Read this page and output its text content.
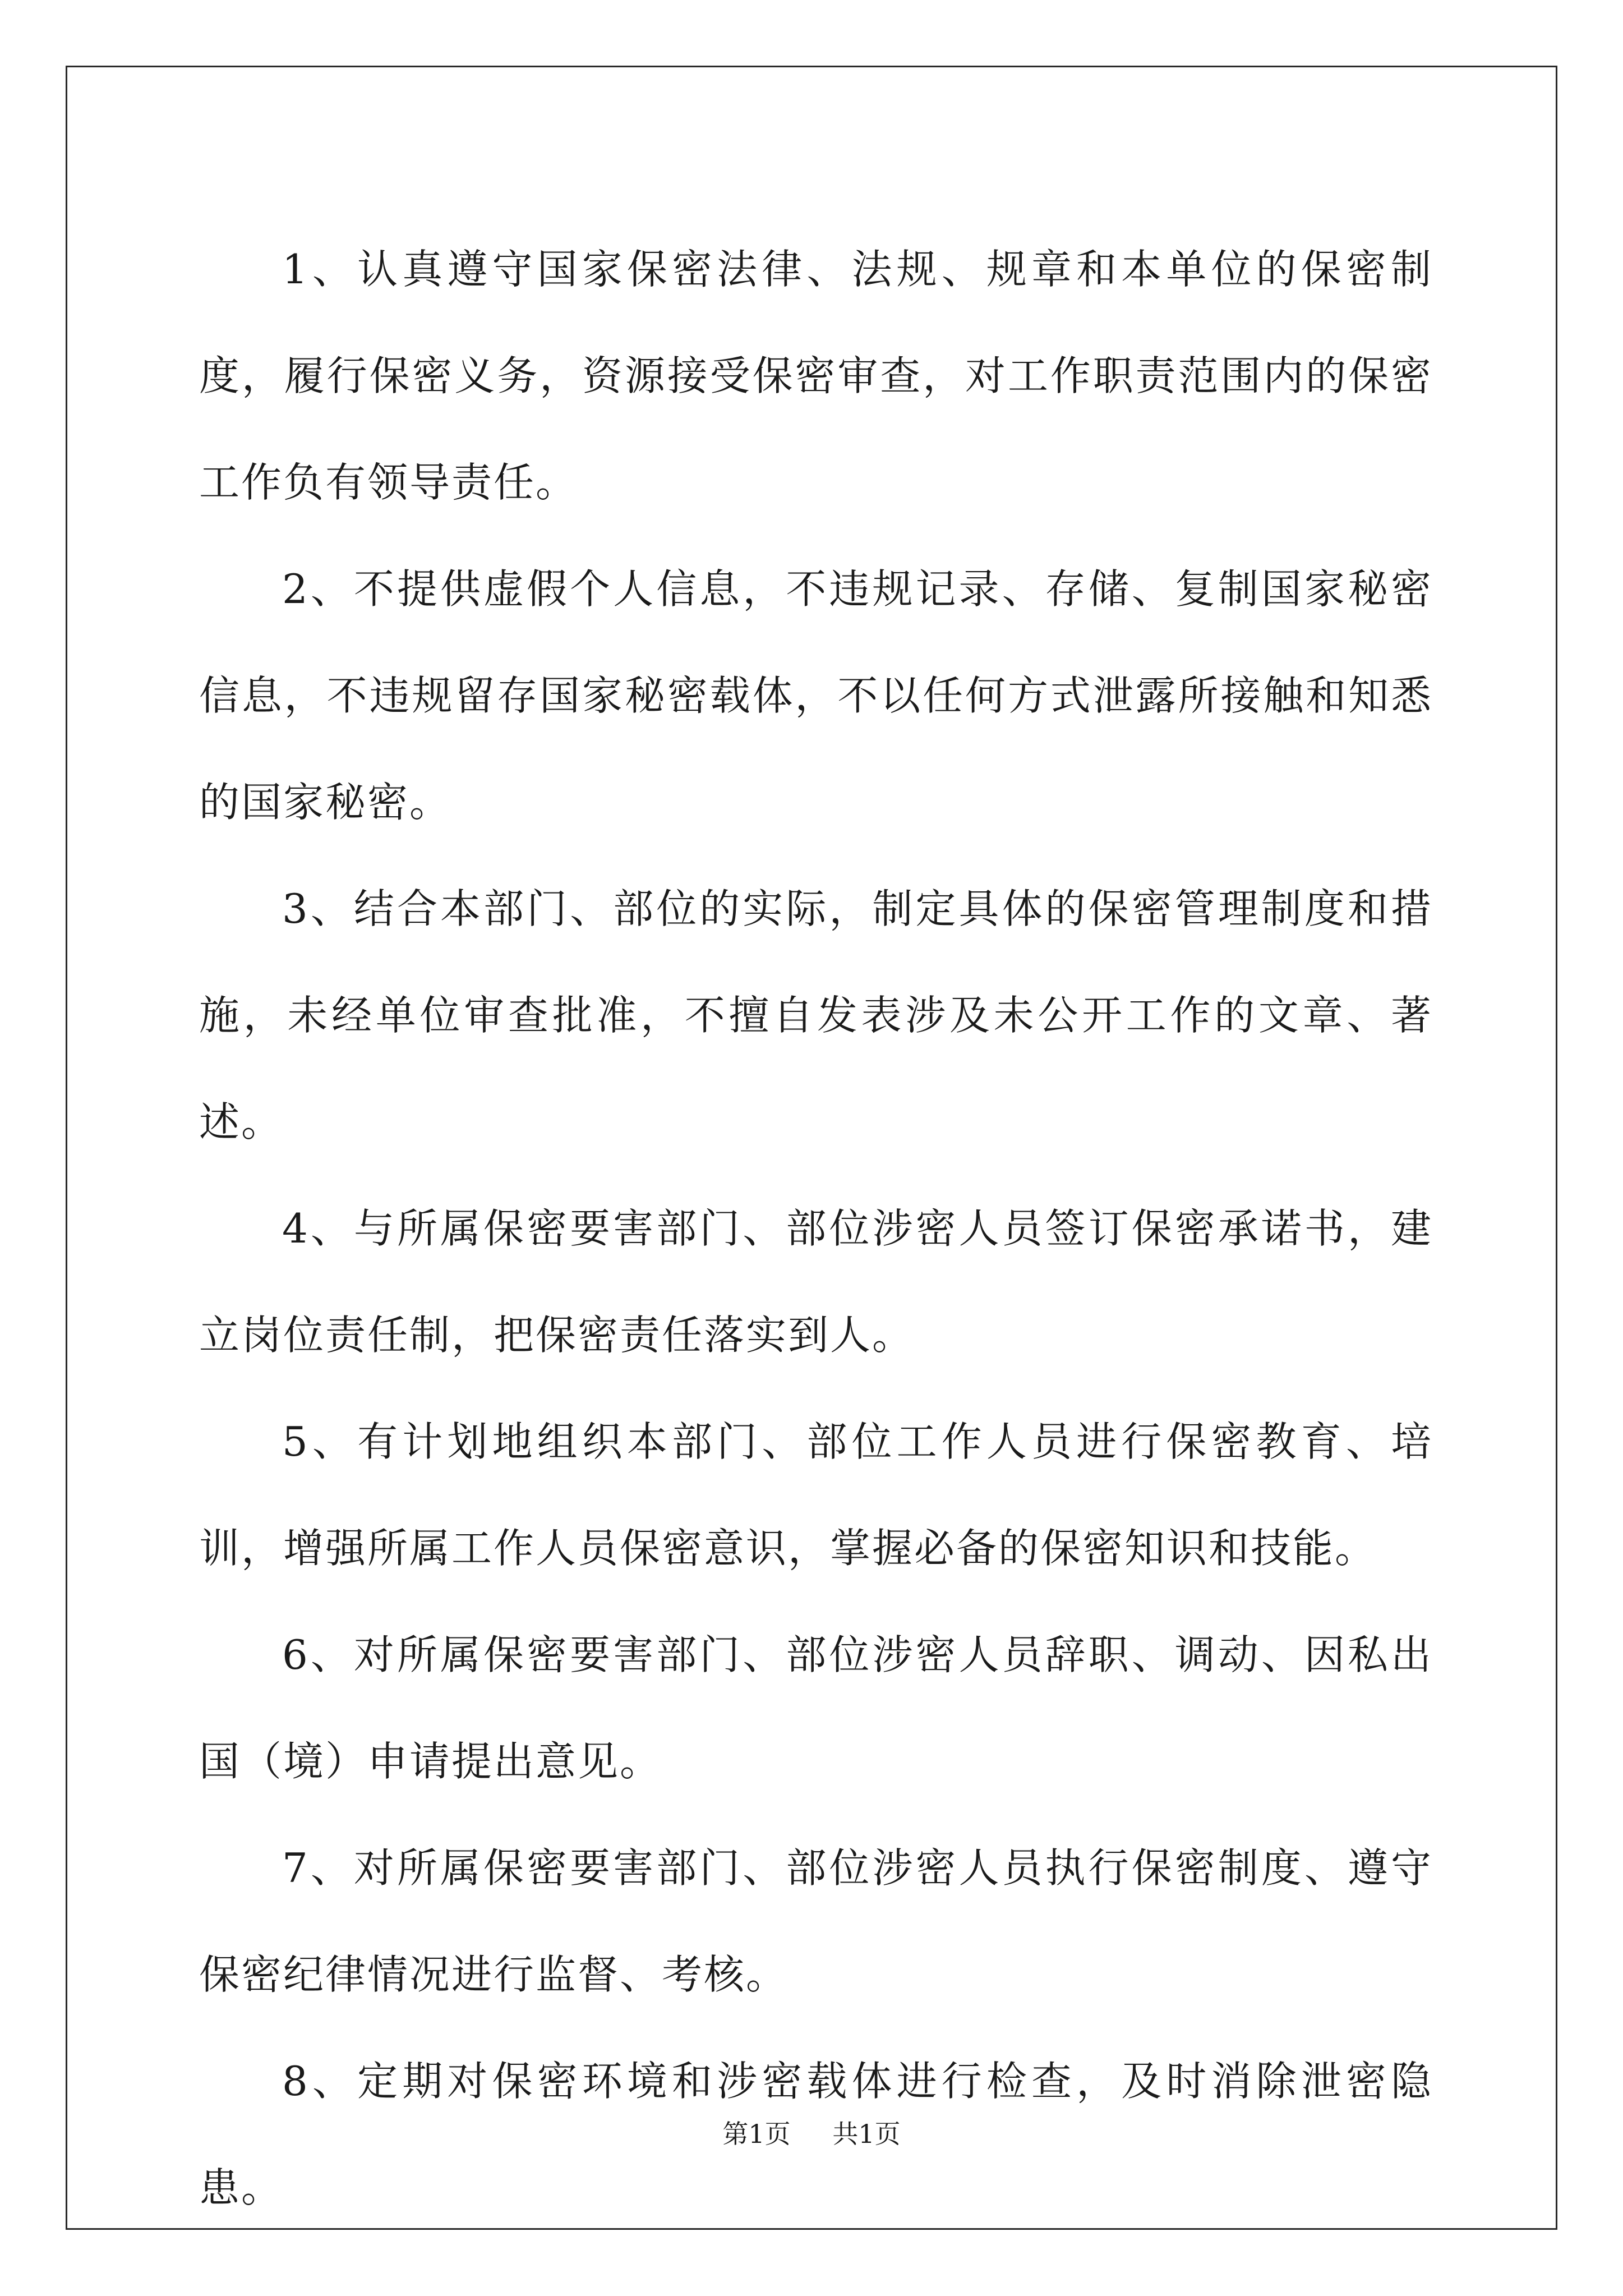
1、认真遵守国家保密法律、法规、规章和本单位的保密制度，履行保密义务，资源接受保密审查，对工作职责范围内的保密工作负有领导责任。

2、不提供虚假个人信息，不违规记录、存储、复制国家秘密信息，不违规留存国家秘密载体，不以任何方式泄露所接触和知悉的国家秘密。

3、结合本部门、部位的实际，制定具体的保密管理制度和措施，未经单位审查批准，不擅自发表涉及未公开工作的文章、著述。

4、与所属保密要害部门、部位涉密人员签订保密承诺书，建立岗位责任制，把保密责任落实到人。

5、有计划地组织本部门、部位工作人员进行保密教育、培训，增强所属工作人员保密意识，掌握必备的保密知识和技能。

6、对所属保密要害部门、部位涉密人员辞职、调动、因私出国（境）申请提出意见。

7、对所属保密要害部门、部位涉密人员执行保密制度、遵守保密纪律情况进行监督、考核。

8、定期对保密环境和涉密载体进行检查，及时消除泄密隐患。

第1页 共1页
